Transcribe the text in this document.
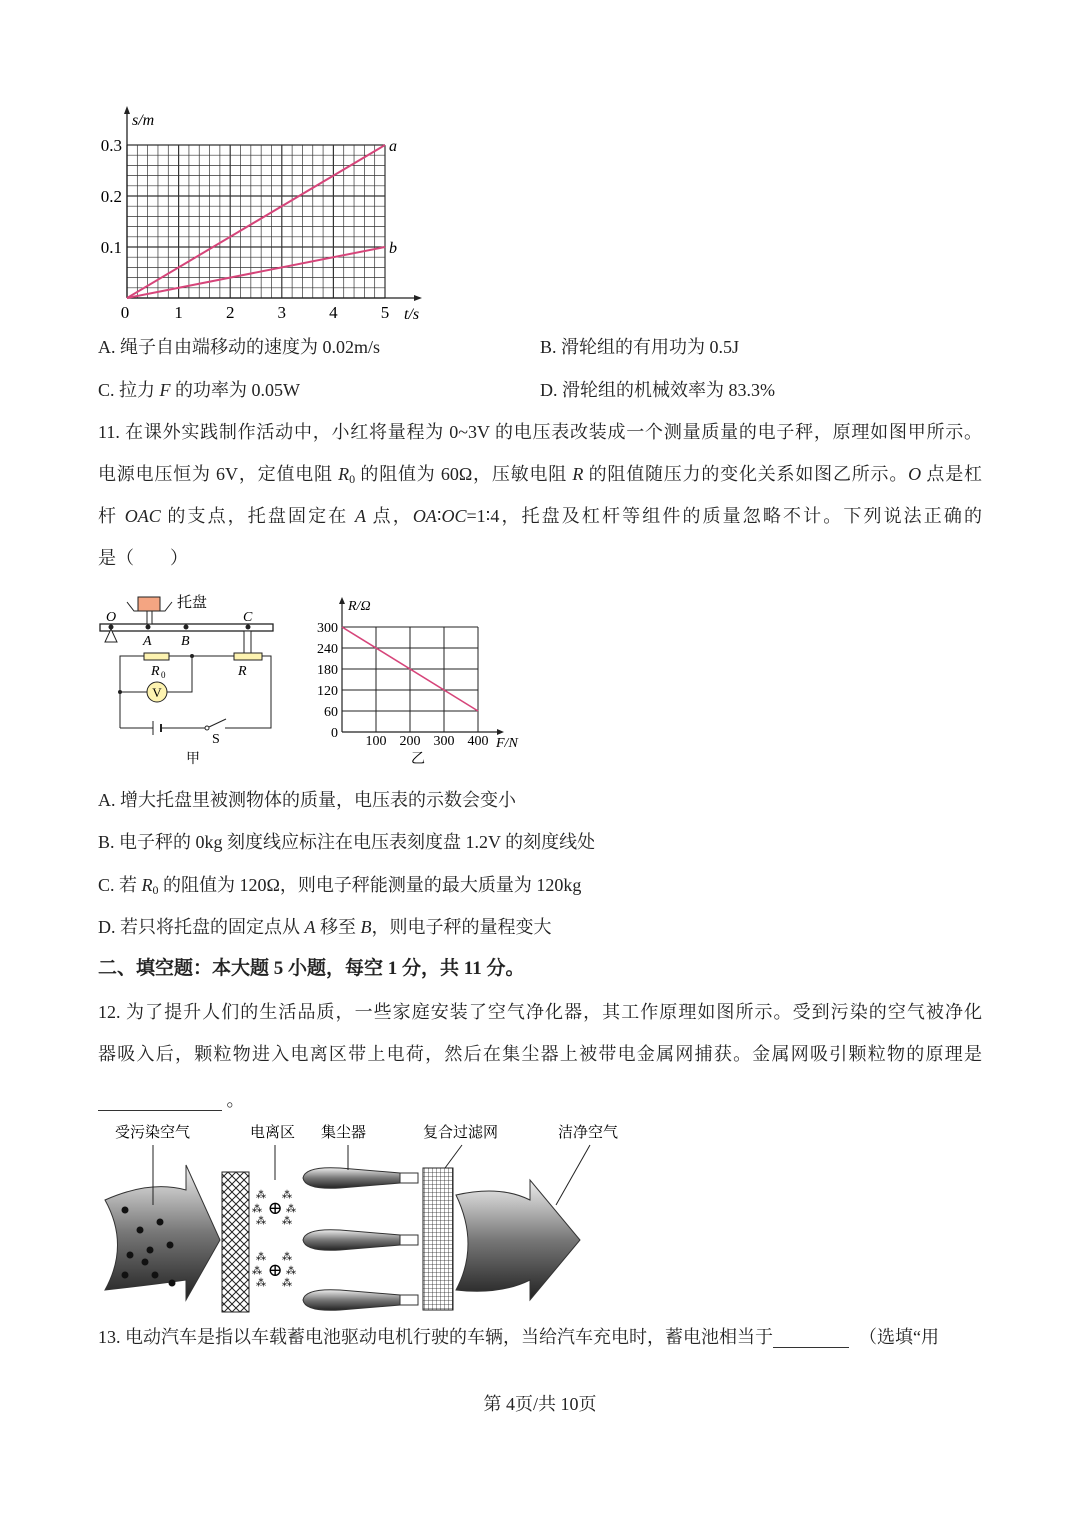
0	1	2	3	4	5
0.1
0.2
0.3
s/m
t/s
a
b
0
60
120
180
240
300
100 200 300 400
R/Ω
F/N
乙
托盘
O
A B
C
R
R 0
V
S
甲
⊕
⁂ ⁂
⁂ ⁂
⁂ ⁂
⊕
⁂ ⁂
⁂ ⁂
⁂ ⁂
受污染空气	电离区 集尘器	复合过滤网	洁净空气
A. 绳子自由端移动的速度为 0.02m/s	B. 滑轮组的有用功为 0.5J
C. 拉力 F 的功率为 0.05W	D. 滑轮组的机械效率为 83.3%
11. 在课外实践制作活动中，小红将量程为 0~3V 的电压表改装成一个测量质量的电子秤，原理如图甲所示。
电源电压恒为 6V，定值电阻 $R_0$ 的阻值为 60Ω，压敏电阻 R 的阻值随压力的变化关系如图乙所示。O 点是杠
杆 OAC 的支点，托盘固定在 A 点，OA∶OC=1∶4，托盘及杠杆等组件的质量忽略不计。下列说法正确的
是（　　）
A. 增大托盘里被测物体的质量，电压表的示数会变小
B. 电子秤的 0kg 刻度线应标注在电压表刻度盘 1.2V 的刻度线处
C. 若 $R_0$ 的阻值为 120Ω，则电子秤能测量的最大质量为 120kg
D. 若只将托盘的固定点从 A 移至 B，则电子秤的量程变大
二、填空题：本大题 5 小题，每空 1 分，共 11 分。
12. 为了提升人们的生活品质，一些家庭安装了空气净化器，其工作原理如图所示。受到污染的空气被净化
器吸入后，颗粒物进入电离区带上电荷，然后在集尘器上被带电金属网捕获。金属网吸引颗粒物的原理是
。
13. 电动汽车是指以车载蓄电池驱动电机行驶的车辆，当给汽车充电时，蓄电池相当于	（选填“用
第 4页/共 10页
